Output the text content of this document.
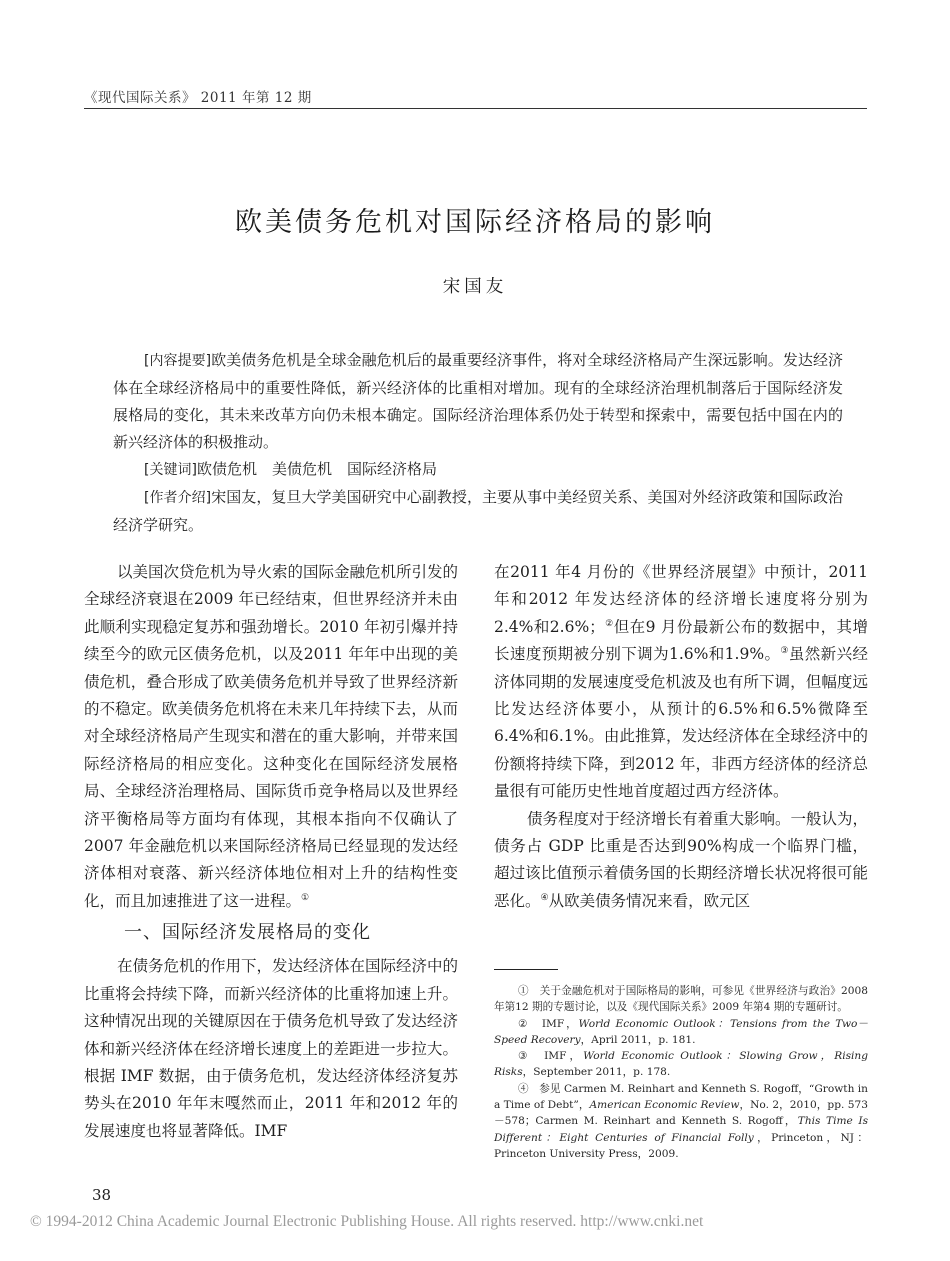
《现代国际关系》 2011 年第 12 期
欧美债务危机对国际经济格局的影响
宋国友

[内容提要]欧美债务危机是全球金融危机后的最重要经济事件，将对全球经济格局产生深远影响。发达经济体在全球经济格局中的重要性降低，新兴经济体的比重相对增加。现有的全球经济治理机制落后于国际经济发展格局的变化，其未来改革方向仍未根本确定。国际经济治理体系仍处于转型和探索中，需要包括中国在内的新兴经济体的积极推动。

[关键词]欧债危机　美债危机　国际经济格局

[作者介绍]宋国友，复旦大学美国研究中心副教授，主要从事中美经贸关系、美国对外经济政策和国际政治经济学研究。

以美国次贷危机为导火索的国际金融危机所引发的全球经济衰退在2009 年已经结束，但世界经济并未由此顺利实现稳定复苏和强劲增长。2010 年初引爆并持续至今的欧元区债务危机，以及2011 年年中出现的美债危机，叠合形成了欧美债务危机并导致了世界经济新的不稳定。欧美债务危机将在未来几年持续下去，从而对全球经济格局产生现实和潜在的重大影响，并带来国际经济格局的相应变化。这种变化在国际经济发展格局、全球经济治理格局、国际货币竞争格局以及世界经济平衡格局等方面均有体现，其根本指向不仅确认了2007 年金融危机以来国际经济格局已经显现的发达经济体相对衰落、新兴经济体地位相对上升的结构性变化，而且加速推进了这一进程。①

一、国际经济发展格局的变化

在债务危机的作用下，发达经济体在国际经济中的比重将会持续下降，而新兴经济体的比重将加速上升。这种情况出现的关键原因在于债务危机导致了发达经济体和新兴经济体在经济增长速度上的差距进一步拉大。根据 IMF 数据，由于债务危机，发达经济体经济复苏势头在2010 年年末嘎然而止，2011 年和2012 年的发展速度也将显著降低。IMF

在2011 年4 月份的《世界经济展望》中预计，2011 年和2012 年发达经济体的经济增长速度将分别为2.4%和2.6%；②但在9 月份最新公布的数据中，其增长速度预期被分别下调为1.6%和1.9%。③虽然新兴经济体同期的发展速度受危机波及也有所下调，但幅度远比发达经济体要小，从预计的6.5%和6.5%微降至6.4%和6.1%。由此推算，发达经济体在全球经济中的份额将持续下降，到2012 年，非西方经济体的经济总量很有可能历史性地首度超过西方经济体。

债务程度对于经济增长有着重大影响。一般认为，债务占 GDP 比重是否达到90%构成一个临界门槛，超过该比值预示着债务国的长期经济增长状况将很可能恶化。④从欧美债务情况来看，欧元区

①　 关于金融危机对于国际格局的影响，可参见《世界经济与政治》2008 年第12 期的专题讨论，以及《现代国际关系》2009 年第4 期的专题研讨。

②　 IMF，World Economic Outlook：Tensions from the Two－Speed Recovery，April 2011，p. 181.

③　 IMF，World Economic Outlook：Slowing Grow，Rising Risks，September 2011，p. 178.

④　 参见 Carmen M. Reinhart and Kenneth S. Rogoff，“Growth in a Time of Debt”，American Economic Review，No. 2，2010，pp. 573－578；Carmen M. Reinhart and Kenneth S. Rogoff，This Time Is Different：Eight Centuries of Financial Folly，Princeton，NJ：Princeton University Press，2009.

38
© 1994-2012 China Academic Journal Electronic Publishing House. All rights reserved. http://www.cnki.net
